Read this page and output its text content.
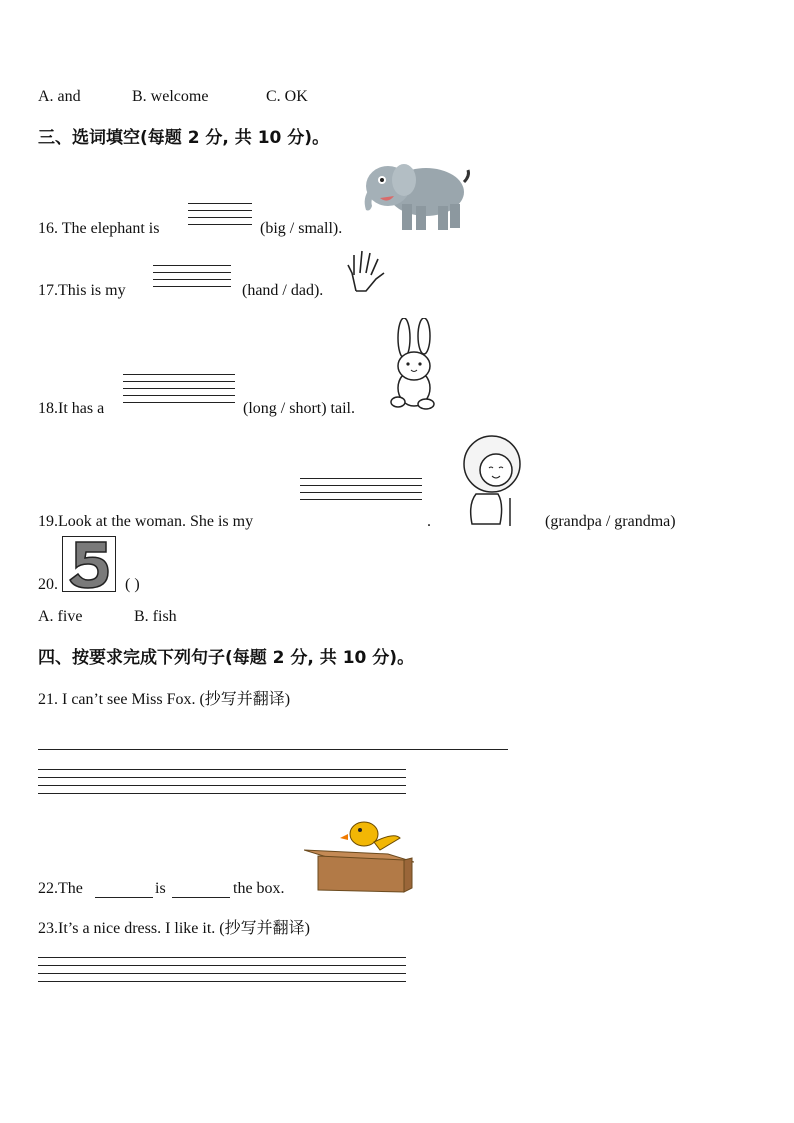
A. and	B. welcome	C. OK
三、选词填空(每题 2 分, 共 10 分)。
16. The elephant is	(big / small).
17.This is my	(hand / dad).
18.It has a	(long / short) tail.
19.Look at the woman. She is my	.	(grandpa / grandma)
20.	( )
A. five	B. fish
四、按要求完成下列句子(每题 2 分, 共 10 分)。
21. I can’t see Miss Fox. (抄写并翻译)
22.The	is	the box.
23.It’s a nice dress. I like it. (抄写并翻译)
